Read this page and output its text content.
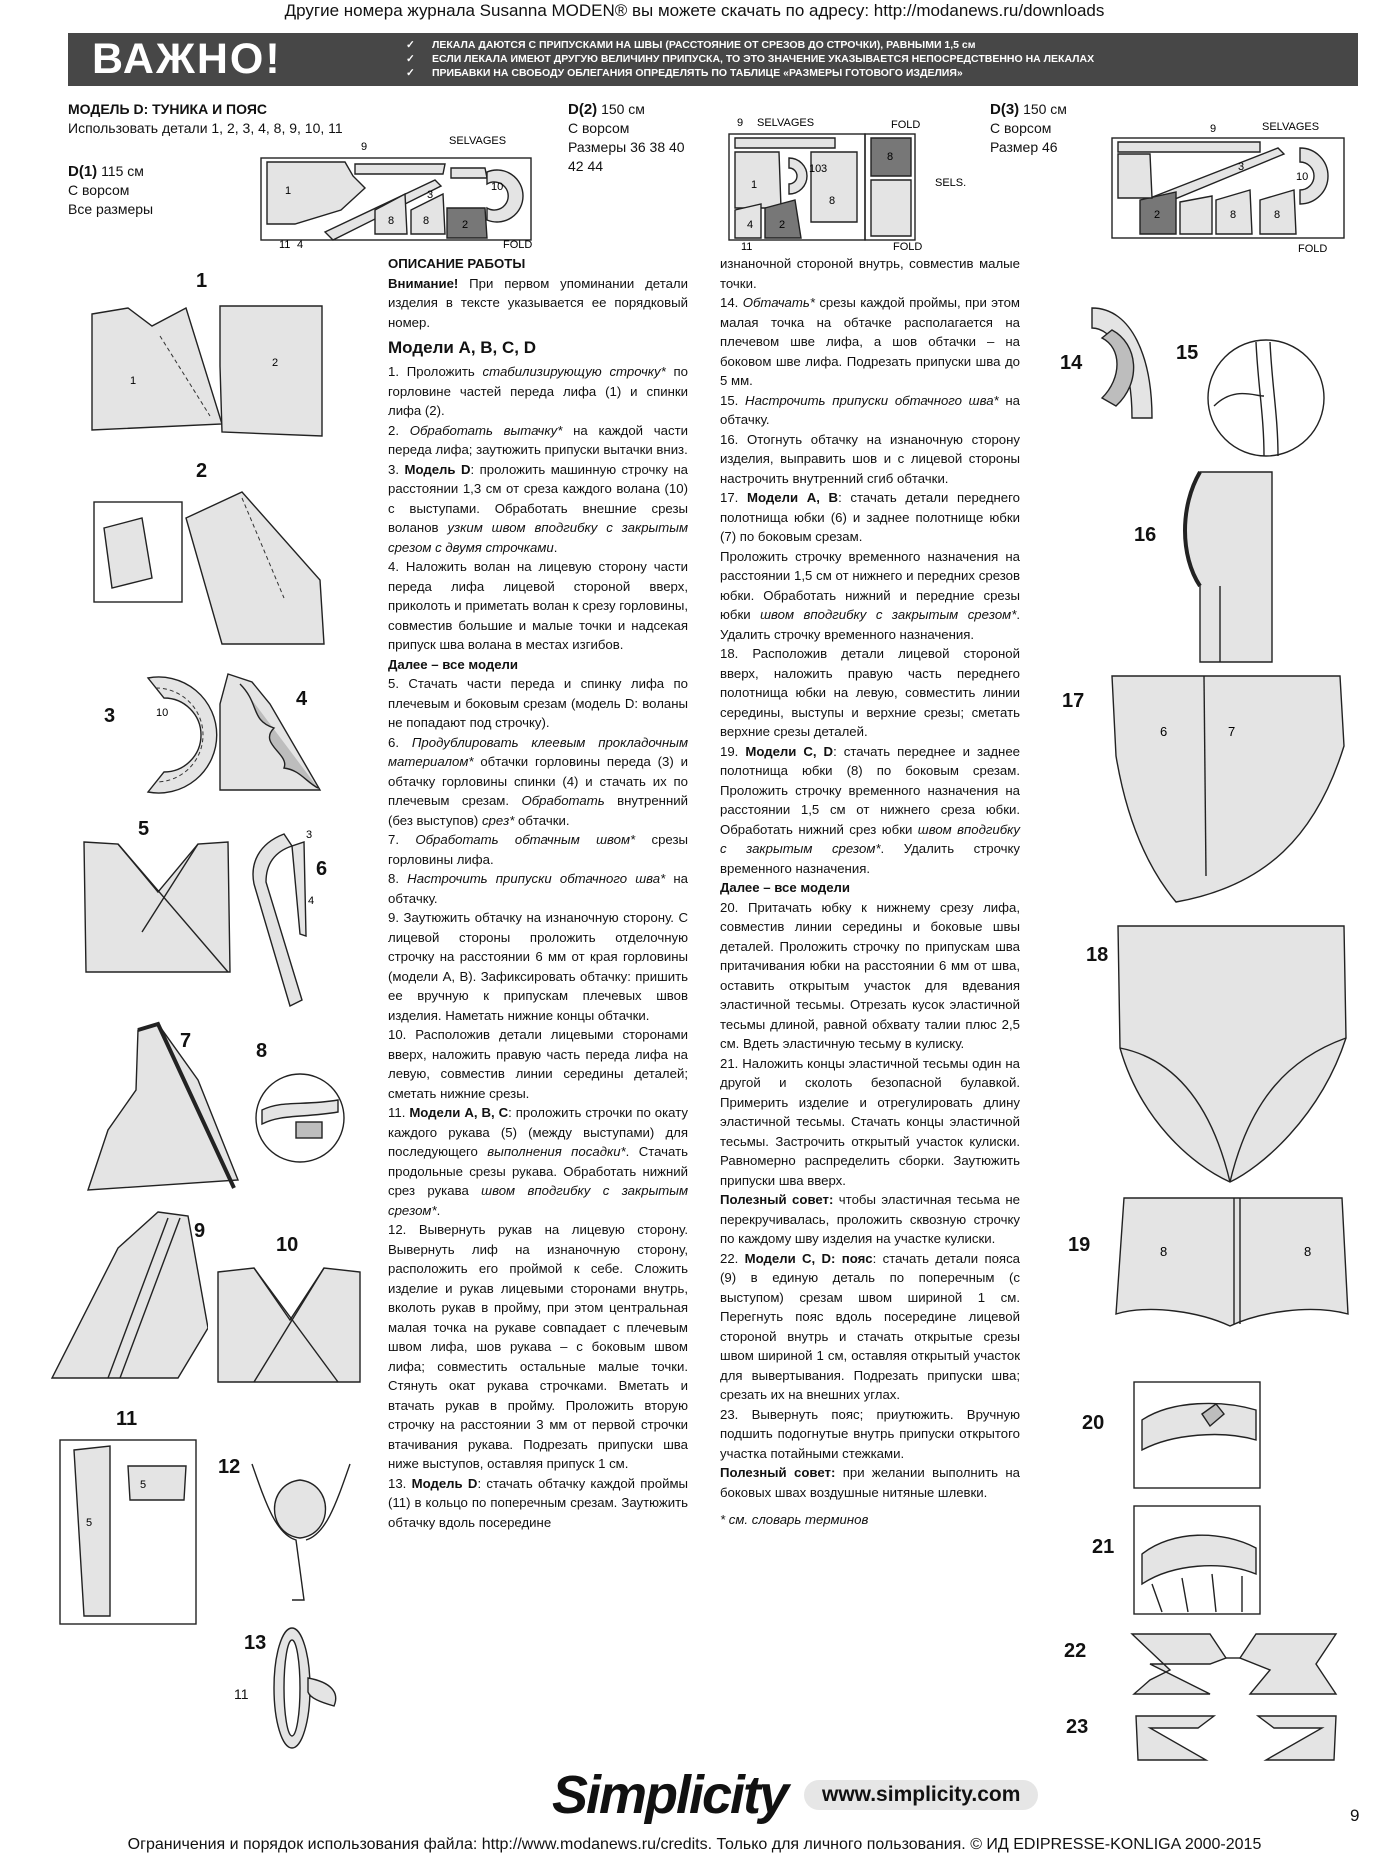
Другие номера журнала Susanna MODEN® вы можете скачать по адресу: http://modanews.ru/downloads
ВАЖНО!	✓ ЛЕКАЛА ДАЮТСЯ С ПРИПУСКАМИ НА ШВЫ (РАССТОЯНИЕ ОТ СРЕЗОВ ДО СТРОЧКИ), РАВНЫМИ 1,5 см
✓ ЕСЛИ ЛЕКАЛА ИМЕЮТ ДРУГУЮ ВЕЛИЧИНУ ПРИПУСКА, ТО ЭТО ЗНАЧЕНИЕ УКАЗЫВАЕТСЯ НЕПОСРЕДСТВЕННО НА ЛЕКАЛАХ
✓ ПРИБАВКИ НА СВОБОДУ ОБЛЕГАНИЯ ОПРЕДЕЛЯТЬ ПО ТАБЛИЦЕ «РАЗМЕРЫ ГОТОВОГО ИЗДЕЛИЯ»
МОДЕЛЬ D: ТУНИКА И ПОЯС
Использовать детали 1, 2, 3, 4, 8, 9, 10, 11
D(1) 115 см
С ворсом
Все размеры
D(2) 150 см
С ворсом
Размеры 36 38 40
42 44
D(3) 150 см
С ворсом
Размер 46
SELVAGES
FOLD
9
1	3
10
8	8	2
11 4
SELVAGES	FOLD
SELS.
FOLD
9
10 3
8
1
2
4
8
11
SELVAGES
FOLD
9
10
3
2	8	8
1
1
2
2
3	10
4
5
6
3
4
7	8
9
10
11
5
5
12
13
11

ОПИСАНИЕ РАБОТЫ

Внимание! При первом упоминании детали изделия в тексте указывается ее порядковый номер.

Модели A, B, C, D

1. Проложить стабилизирующую строчку* по горловине частей переда лифа (1) и спинки лифа (2).

2. Обработать вытачку* на каждой части переда лифа; заутюжить припуски вытачки вниз.

3. Модель D: проложить машинную строчку на расстоянии 1,3 см от среза каждого волана (10) с выступами. Обработать внешние срезы воланов узким швом вподгибку с закрытым срезом с двумя строчками.

4. Наложить волан на лицевую сторону части переда лифа лицевой стороной вверх, приколоть и приметать волан к срезу горловины, совместив большие и малые точки и надсекая припуск шва волана в местах изгибов.

Далее – все модели

5. Стачать части переда и спинку лифа по плечевым и боковым срезам (модель D: воланы не попадают под строчку).

6. Продублировать клеевым прокладочным материалом* обтачки горловины переда (3) и обтачку горловины спинки (4) и стачать их по плечевым срезам. Обработать внутренний (без выступов) срез* обтачки.

7. Обработать обтачным швом* срезы горловины лифа.

8. Настрочить припуски обтачного шва* на обтачку.

9. Заутюжить обтачку на изнаночную сторону. С лицевой стороны проложить отделочную строчку на расстоянии 6 мм от края горловины (модели A, B). Зафиксировать обтачку: пришить ее вручную к припускам плечевых швов изделия. Наметать нижние концы обтачки.

10. Расположив детали лицевыми сторонами вверх, наложить правую часть переда лифа на левую, совместив линии середины деталей; сметать нижние срезы.

11. Модели A, B, C: проложить строчки по окату каждого рукава (5) (между выступами) для последующего выполнения посадки*. Стачать продольные срезы рукава. Обработать нижний срез рукава швом вподгибку с закрытым срезом*.

12. Вывернуть рукав на лицевую сторону. Вывернуть лиф на изнаночную сторону, расположить его проймой к себе. Сложить изделие и рукав лицевыми сторонами внутрь, вколоть рукав в пройму, при этом центральная малая точка на рукаве совпадает с плечевым швом лифа, шов рукава – с боковым швом лифа; совместить остальные малые точки. Стянуть окат рукава строчками. Вметать и втачать рукав в пройму. Проложить вторую строчку на расстоянии 3 мм от первой строчки втачивания рукава. Подрезать припуски шва ниже выступов, оставляя припуск 1 см.

13. Модель D: стачать обтачку каждой проймы (11) в кольцо по поперечным срезам. Заутюжить обтачку вдоль посередине

изнаночной стороной внутрь, совместив малые точки.

14. Обтачать* срезы каждой проймы, при этом малая точка на обтачке располагается на плечевом шве лифа, а шов обтачки – на боковом шве лифа. Подрезать припуски шва до 5 мм.

15. Настрочить припуски обтачного шва* на обтачку.

16. Отогнуть обтачку на изнаночную сторону изделия, выправить шов и с лицевой стороны настрочить внутренний сгиб обтачки.

17. Модели A, B: стачать детали переднего полотнища юбки (6) и заднее полотнище юбки (7) по боковым срезам.

Проложить строчку временного назначения на расстоянии 1,5 см от нижнего и передних срезов юбки. Обработать нижний и передние срезы юбки швом вподгибку с закрытым срезом*. Удалить строчку временного назначения.

18. Расположив детали лицевой стороной вверх, наложить правую часть переднего полотнища юбки на левую, совместить линии середины, выступы и верхние срезы; сметать верхние срезы деталей.

19. Модели C, D: стачать переднее и заднее полотнища юбки (8) по боковым срезам. Проложить строчку временного назначения на расстоянии 1,5 см от нижнего среза юбки. Обработать нижний срез юбки швом вподгибку с закрытым срезом*. Удалить строчку временного назначения.

Далее – все модели

20. Притачать юбку к нижнему срезу лифа, совместив линии середины и боковые швы деталей. Проложить строчку по припускам шва притачивания юбки на расстоянии 6 мм от шва, оставить открытым участок для вдевания эластичной тесьмы. Отрезать кусок эластичной тесьмы длиной, равной обхвату талии плюс 2,5 см. Вдеть эластичную тесьму в кулиску.

21. Наложить концы эластичной тесьмы один на другой и сколоть безопасной булавкой. Примерить изделие и отрегулировать длину эластичной тесьмы. Стачать концы эластичной тесьмы. Застрочить открытый участок кулиски. Равномерно распределить сборки. Заутюжить припуски шва вверх.

Полезный совет: чтобы эластичная тесьма не перекручивалась, проложить сквозную строчку по каждому шву изделия на участке кулиски.

22. Модели C, D: пояс: стачать детали пояса (9) в единую деталь по поперечным (с выступом) срезам швом шириной 1 см. Перегнуть пояс вдоль посередине лицевой стороной внутрь и стачать открытые срезы швом шириной 1 см, оставляя открытый участок для вывертывания. Подрезать припуски шва; срезать их на внешних углах.

23. Вывернуть пояс; приутюжить. Вручную подшить подогнутые внутрь припуски открытого участка потайными стежками.

Полезный совет: при желании выполнить на боковых швах воздушные нитяные шлевки.

* см. словарь терминов

14	15
16
17
6	7
18
19	8	8
20
21
22
23
Simplicity	www.simplicity.com
9
Ограничения и порядок использования файла: http://www.modanews.ru/credits. Только для личного пользования. © ИД EDIPRESSE-KONLIGA 2000-2015
